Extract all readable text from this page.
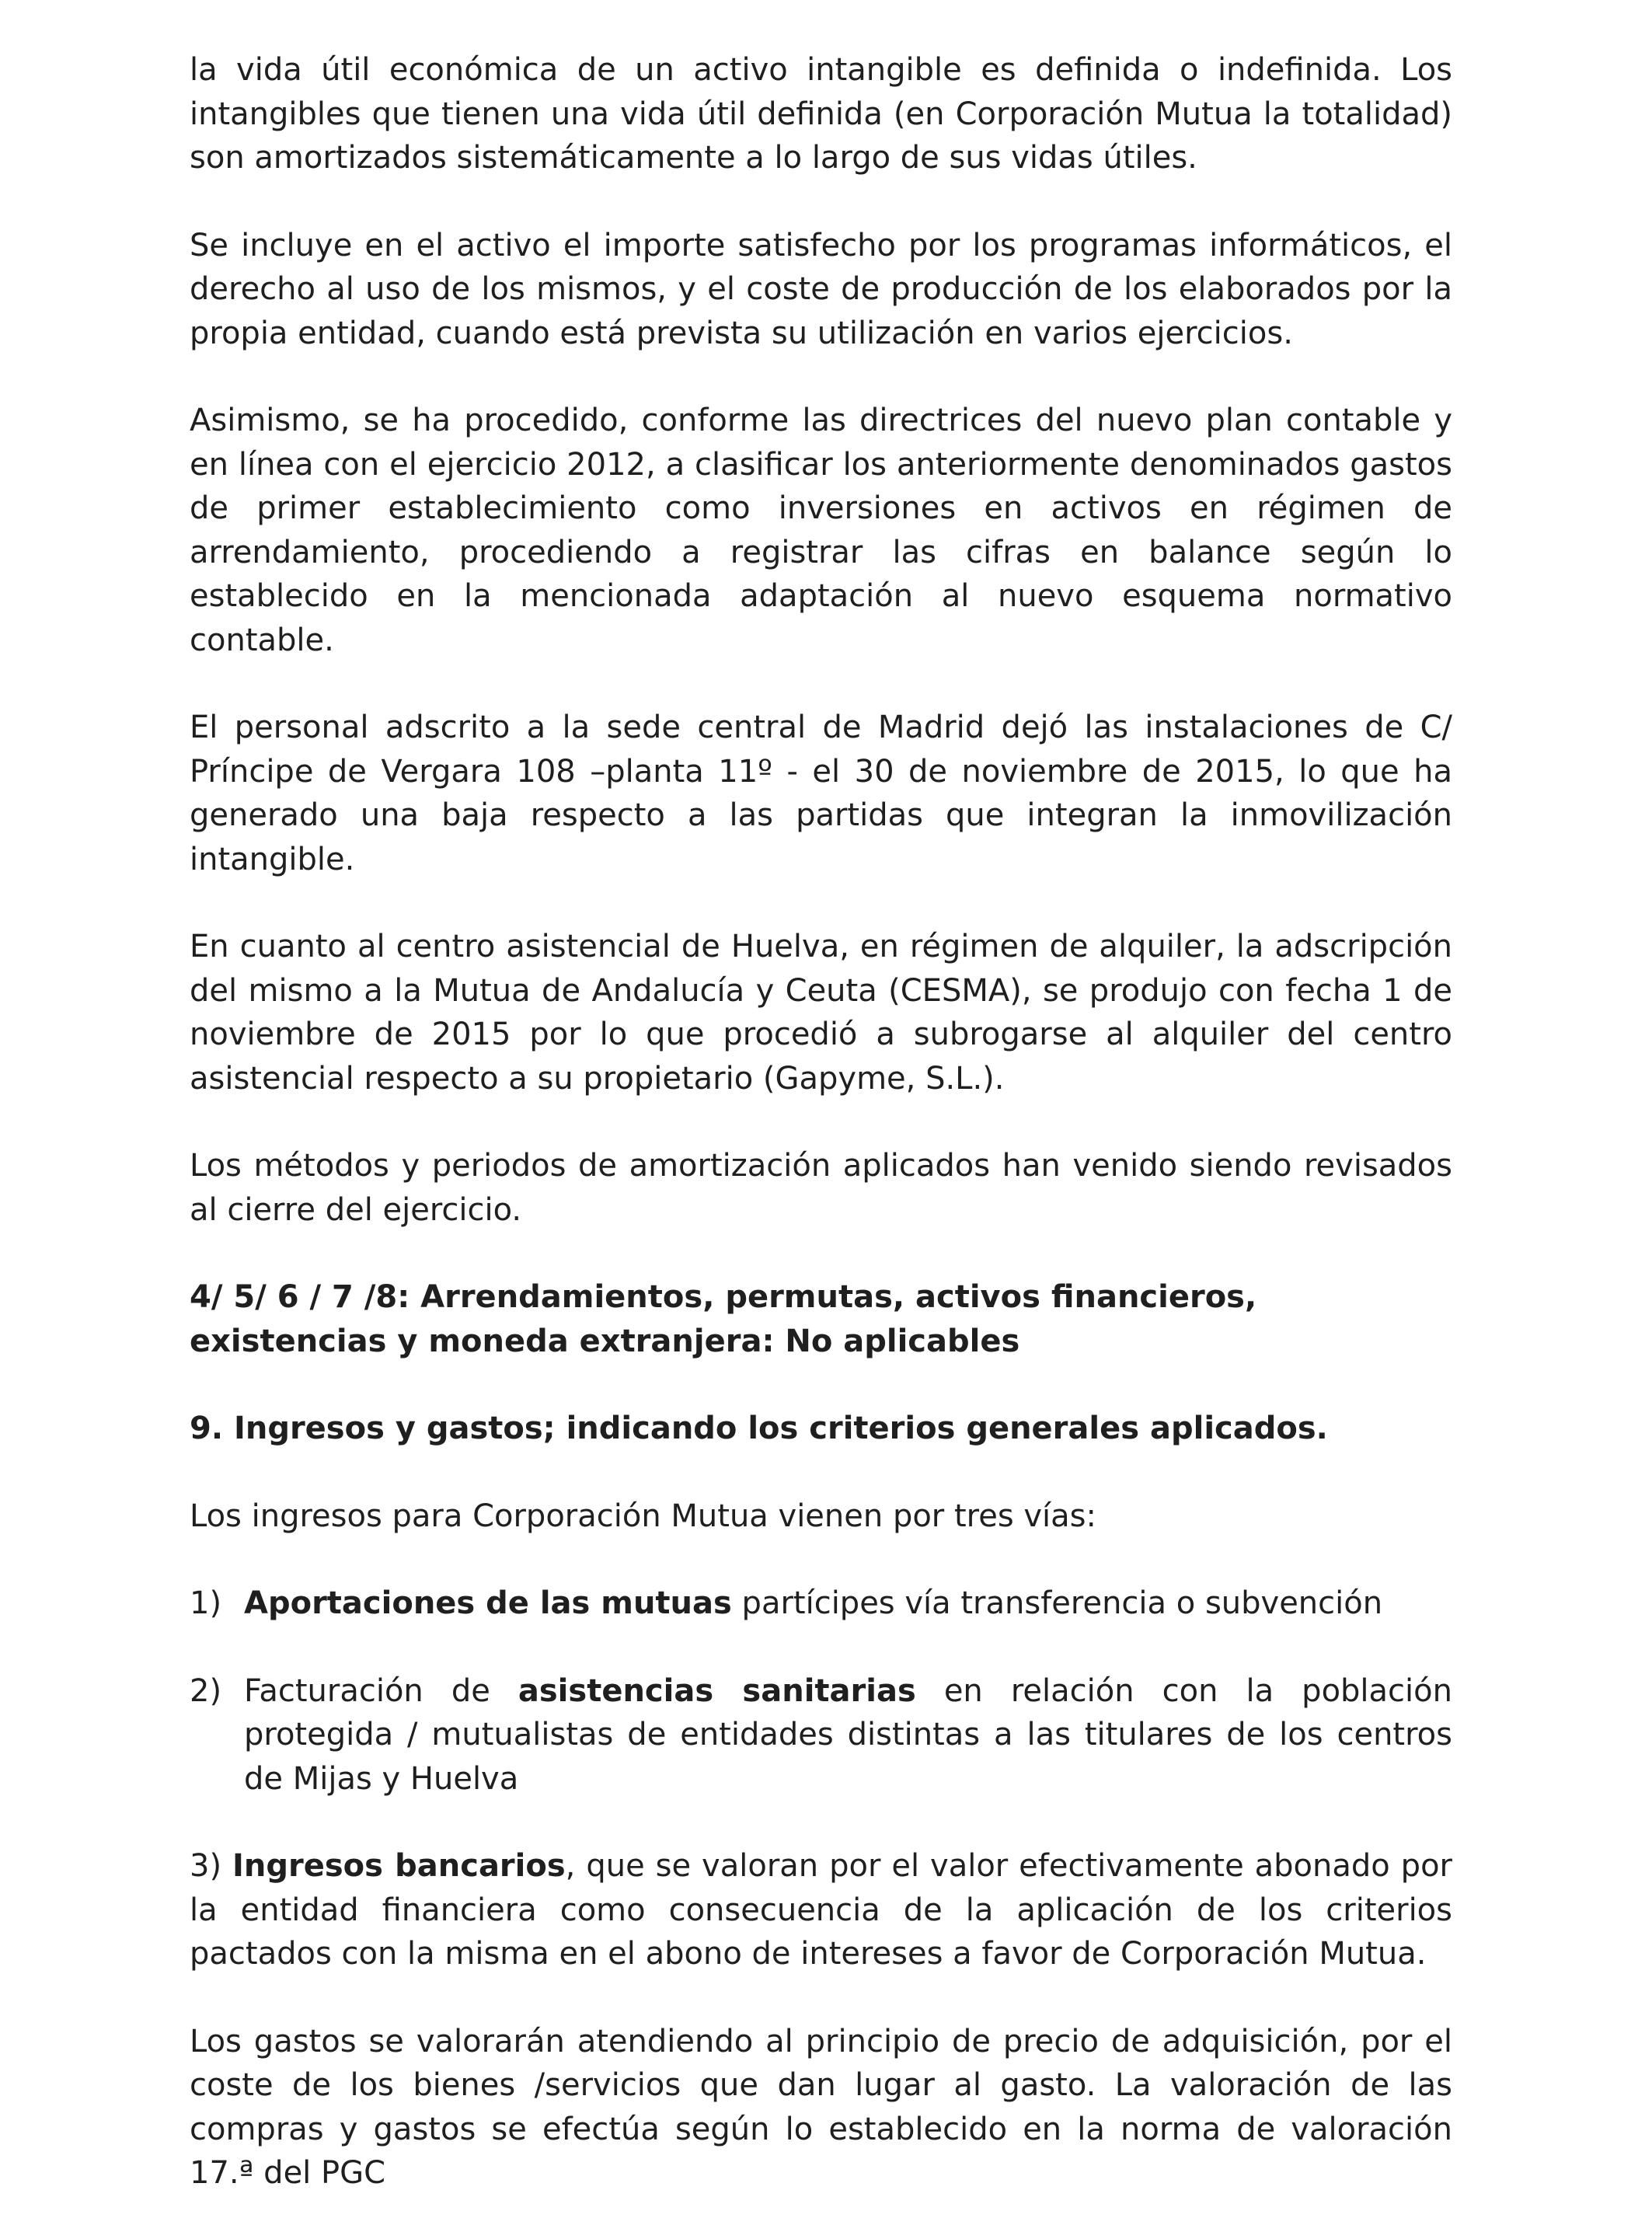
la vida útil económica de un activo intangible es definida o indefinida. Los intangibles que tienen una vida útil definida (en Corporación Mutua la totalidad) son amortizados sistemáticamente a lo largo de sus vidas útiles.

Se incluye en el activo el importe satisfecho por los programas informáticos, el derecho al uso de los mismos, y el coste de producción de los elaborados por la propia entidad, cuando está prevista su utilización en varios ejercicios.

Asimismo, se ha procedido, conforme las directrices del nuevo plan contable y en línea con el ejercicio 2012, a clasificar los anteriormente denominados gastos de primer establecimiento como inversiones en activos en régimen de arrendamiento, procediendo a registrar las cifras en balance según lo establecido en la mencionada adaptación al nuevo esquema normativo contable.

El personal adscrito a la sede central de Madrid dejó las instalaciones de C/ Príncipe de Vergara 108 –planta 11º - el 30 de noviembre de 2015, lo que ha generado una baja respecto a las partidas que integran la inmovilización intangible.

En cuanto al centro asistencial de Huelva, en régimen de alquiler, la adscripción del mismo a la Mutua de Andalucía y Ceuta (CESMA), se produjo con fecha 1 de noviembre de 2015 por lo que procedió a subrogarse al alquiler del centro asistencial respecto a su propietario (Gapyme, S.L.).

Los métodos y periodos de amortización aplicados han venido siendo revisados al cierre del ejercicio.

4/ 5/ 6 / 7 /8: Arrendamientos, permutas, activos financieros, existencias y moneda extranjera: No aplicables

9. Ingresos y gastos; indicando los criterios generales aplicados.

Los ingresos para Corporación Mutua vienen por tres vías:

1) Aportaciones de las mutuas partícipes vía transferencia o subvención
2) Facturación de asistencias sanitarias en relación con la población protegida / mutualistas de entidades distintas a las titulares de los centros de Mijas y Huelva

3) Ingresos bancarios, que se valoran por el valor efectivamente abonado por la entidad financiera como consecuencia de la aplicación de los criterios pactados con la misma en el abono de intereses a favor de Corporación Mutua.

Los gastos se valorarán atendiendo al principio de precio de adquisición, por el coste de los bienes /servicios que dan lugar al gasto. La valoración de las compras y gastos se efectúa según lo establecido en la norma de valoración 17.ª del PGC
